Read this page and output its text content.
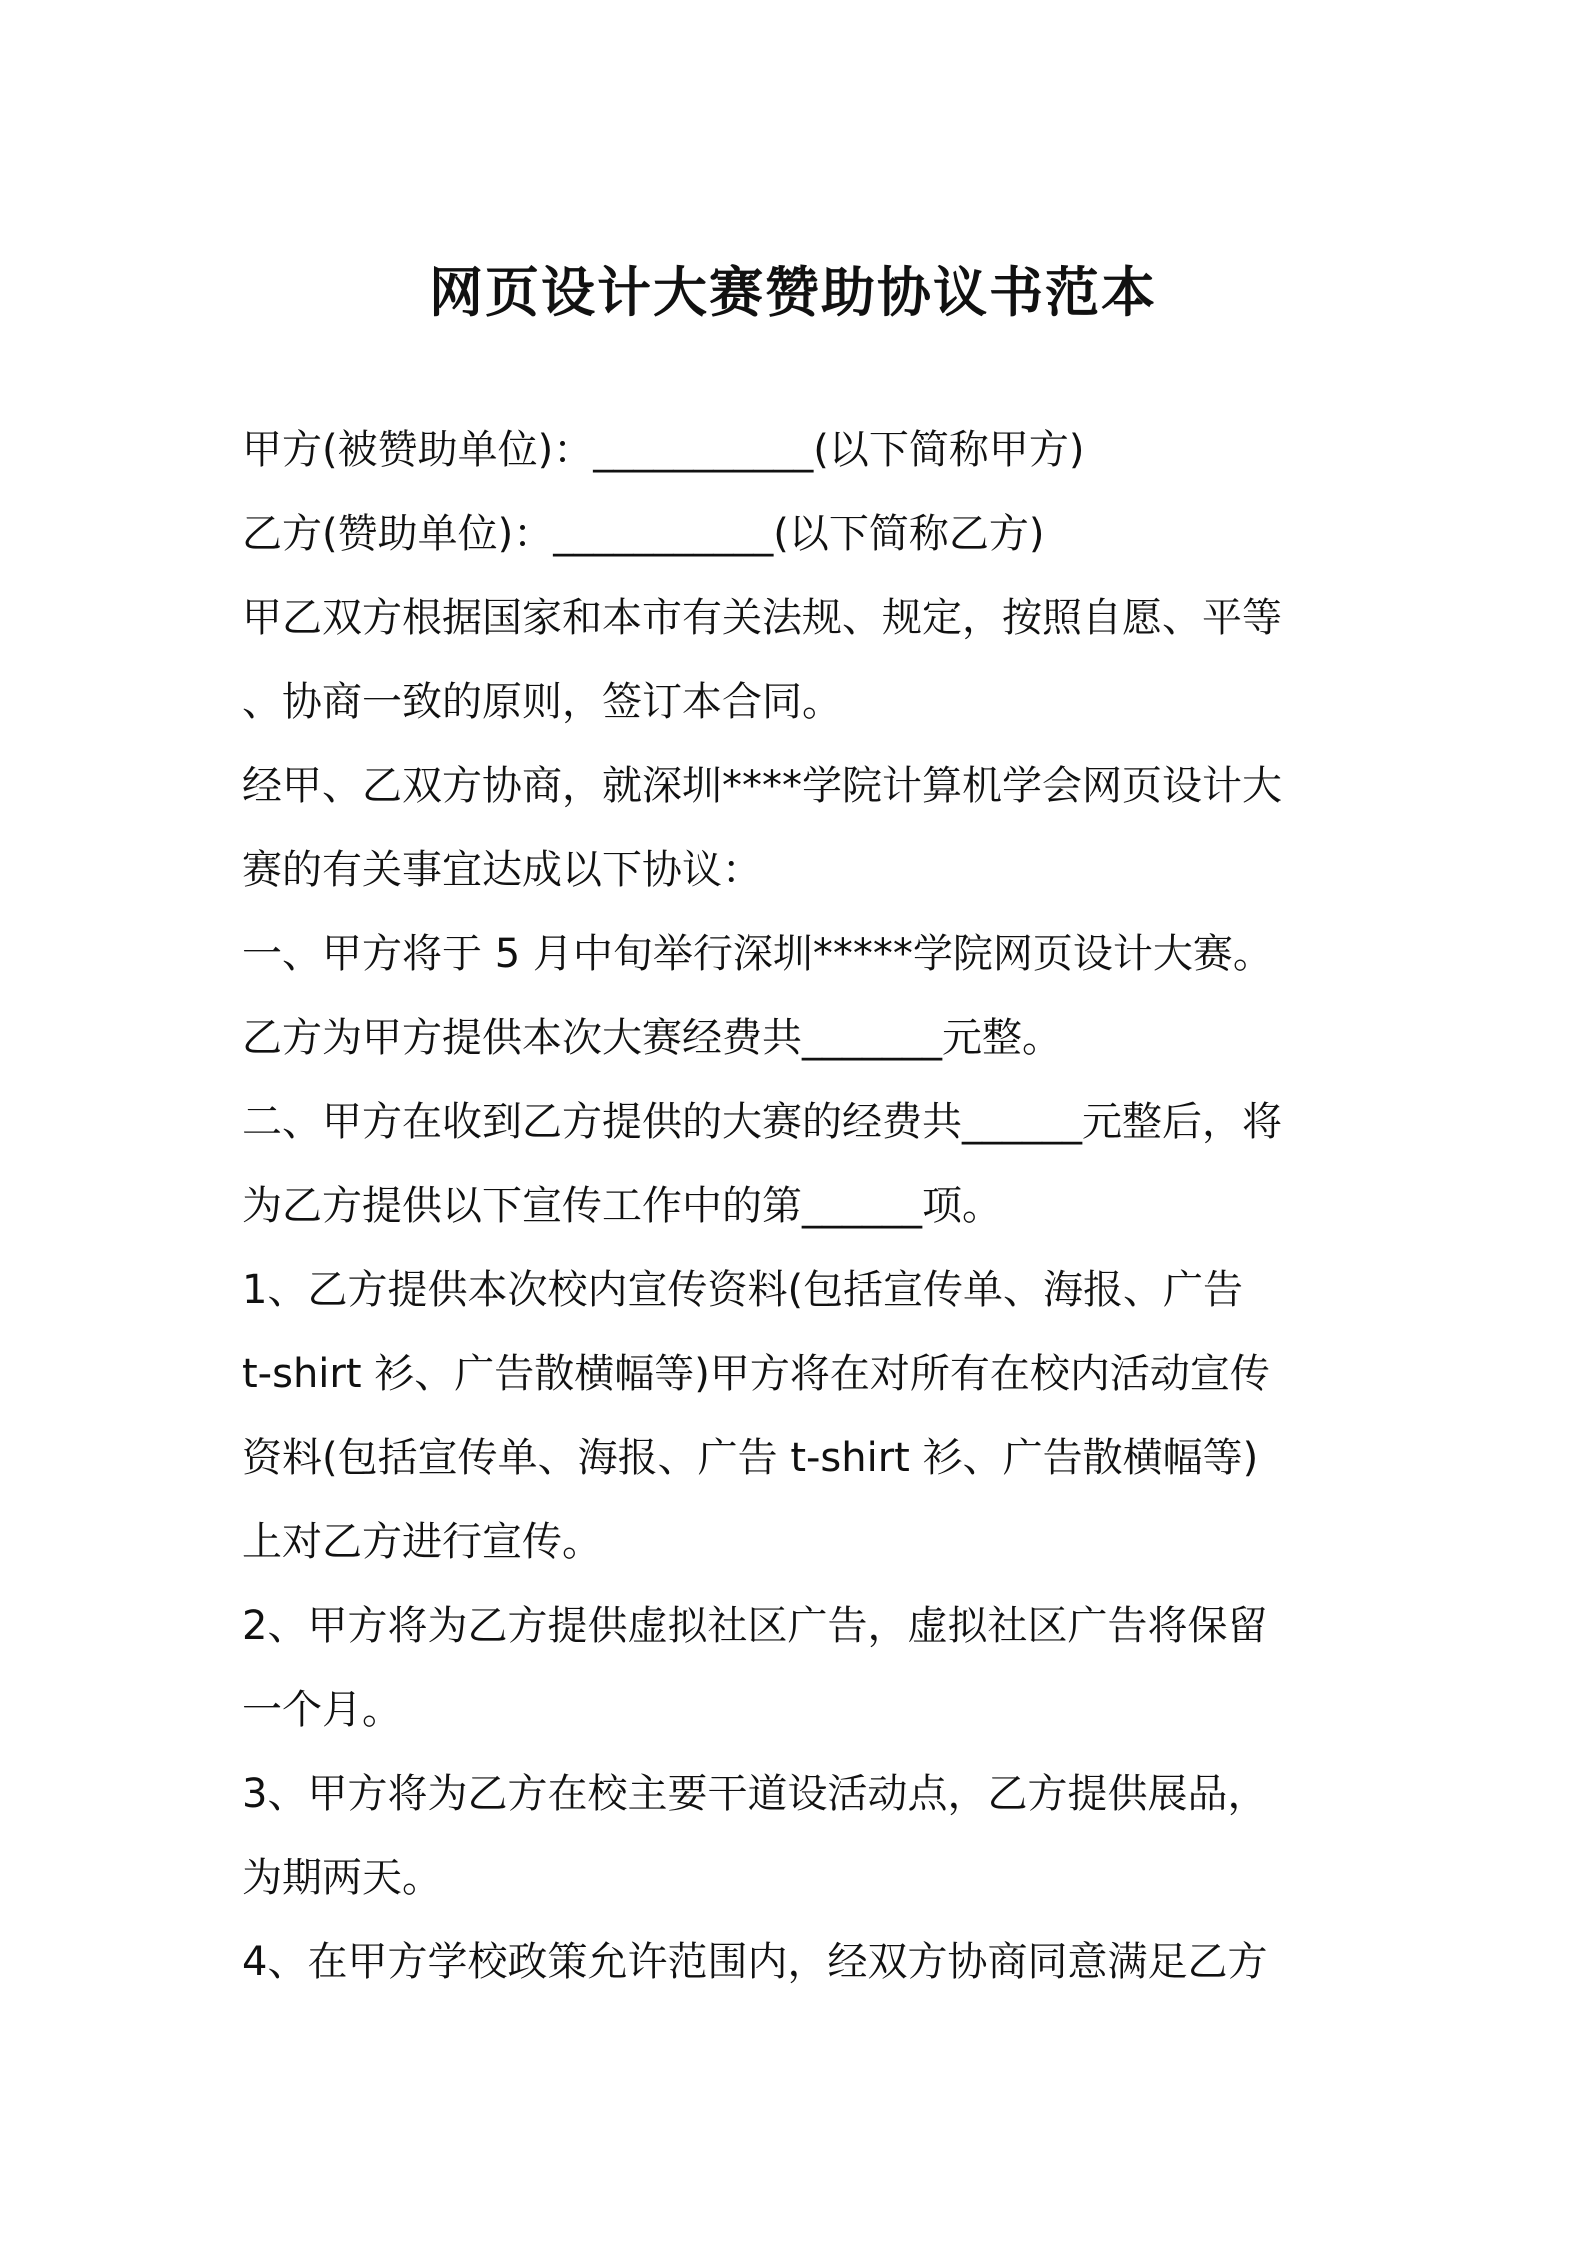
网页设计大赛赞助协议书范本

甲方(被赞助单位)：___________(以下简称甲方)

乙方(赞助单位)：___________(以下简称乙方)

甲乙双方根据国家和本市有关法规、规定，按照自愿、平等

、协商一致的原则，签订本合同。

经甲、乙双方协商，就深圳****学院计算机学会网页设计大

赛的有关事宜达成以下协议：

一、甲方将于 5 月中旬举行深圳*****学院网页设计大赛。

乙方为甲方提供本次大赛经费共_______元整。

二、甲方在收到乙方提供的大赛的经费共______元整后，将

为乙方提供以下宣传工作中的第______项。

1、乙方提供本次校内宣传资料(包括宣传单、海报、广告

t-shirt 衫、广告散横幅等)甲方将在对所有在校内活动宣传

资料(包括宣传单、海报、广告 t-shirt 衫、广告散横幅等)

上对乙方进行宣传。

2、甲方将为乙方提供虚拟社区广告，虚拟社区广告将保留

一个月。

3、甲方将为乙方在校主要干道设活动点，乙方提供展品，

为期两天。

4、在甲方学校政策允许范围内，经双方协商同意满足乙方
